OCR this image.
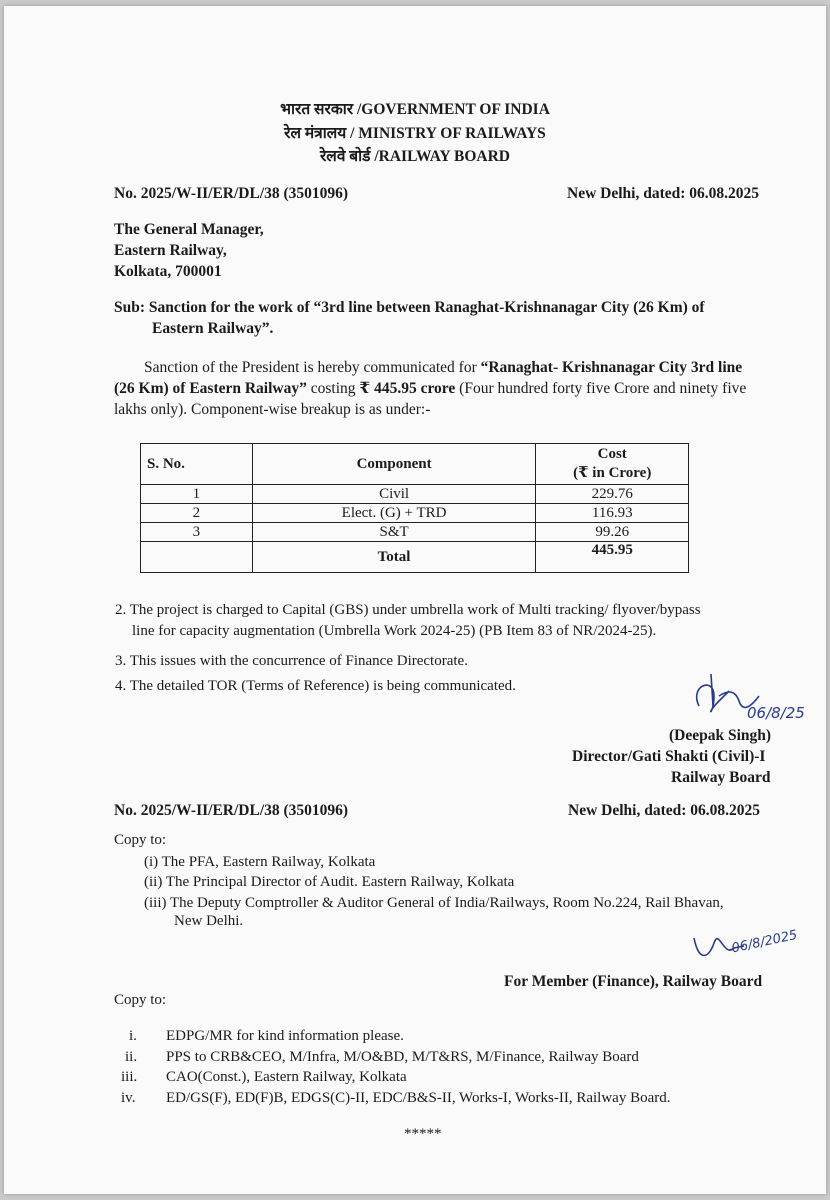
भारत सरकार /GOVERNMENT OF INDIA
रेल मंत्रालय / MINISTRY OF RAILWAYS
रेलवे बोर्ड /RAILWAY BOARD
No. 2025/W-II/ER/DL/38 (3501096)	New Delhi, dated: 06.08.2025
The General Manager,
Eastern Railway,
Kolkata, 700001
Sub: Sanction for the work of “3rd line between Ranaghat-Krishnanagar City (26 Km) of
Eastern Railway”.
Sanction of the President is hereby communicated for “Ranaghat- Krishnanagar City 3rd line
(26 Km) of Eastern Railway” costing ₹ 445.95 crore (Four hundred forty five Crore and ninety five
lakhs only). Component-wise breakup is as under:-
S. No.	Component	Cost
(₹ in Crore)

1	Civil	229.76
2	Elect. (G) + TRD	116.93
3	S&T	99.26
	Total	445.95
2. The project is charged to Capital (GBS) under umbrella work of Multi tracking/ flyover/bypass
line for capacity augmentation (Umbrella Work 2024-25) (PB Item 83 of NR/2024-25).
3. This issues with the concurrence of Finance Directorate.
4. The detailed TOR (Terms of Reference) is being communicated.
06/8/25
(Deepak Singh)
Director/Gati Shakti (Civil)-I
Railway Board
No. 2025/W-II/ER/DL/38 (3501096)	New Delhi, dated: 06.08.2025
Copy to:
(i) The PFA, Eastern Railway, Kolkata
(ii) The Principal Director of Audit. Eastern Railway, Kolkata
(iii) The Deputy Comptroller & Auditor General of India/Railways, Room No.224, Rail Bhavan,
New Delhi.
06/8/2025
For Member (Finance), Railway Board
Copy to:
i. EDPG/MR for kind information please.
ii. PPS to CRB&CEO, M/Infra, M/O&BD, M/T&RS, M/Finance, Railway Board
iii. CAO(Const.), Eastern Railway, Kolkata
iv. ED/GS(F), ED(F)B, EDGS(C)-II, EDC/B&S-II, Works-I, Works-II, Railway Board.
*****
